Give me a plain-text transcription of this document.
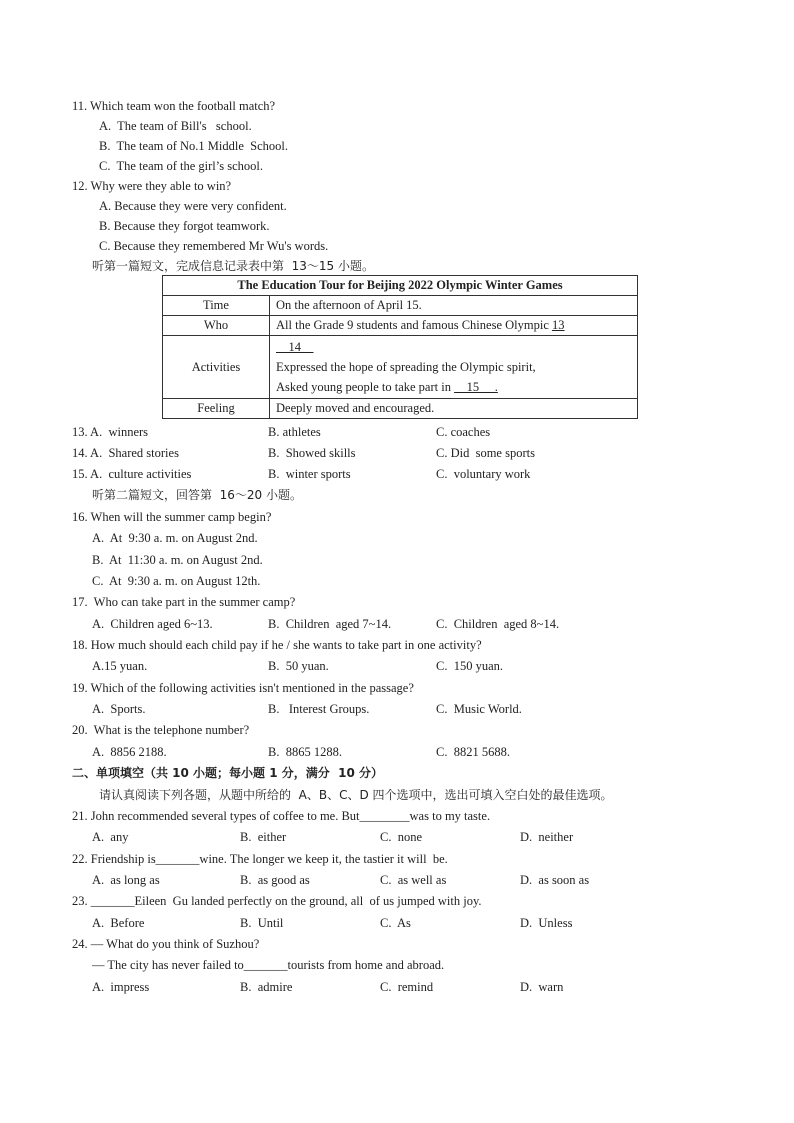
11. Which team won the football match?
A.  The team of Bill's   school.
B.  The team of No.1 Middle  School.
C.  The team of the girl’s school.
12. Why were they able to win?
A. Because they were very confident.
B. Because they forgot teamwork.
C. Because they remembered Mr Wu's words.
听第一篇短文，完成信息记录表中第  13～15 小题。
The Education Tour for Beijing 2022 Olympic Winter Games	
Time	On the afternoon of April 15.
Who	All the Grade 9 students and famous Chinese Olympic 13
Activities	14
Expressed the hope of spreading the Olympic spirit,
Asked young people to take part in     15     .

Feeling	Deeply moved and encouraged.
13. A.  winners	B. athletes	C. coaches
14. A.  Shared stories	B.  Showed skills	C. Did  some sports
15. A.  culture activities	B.  winter sports	C.  voluntary work
听第二篇短文，回答第  16～20 小题。
16. When will the summer camp begin?
A.  At  9:30 a. m. on August 2nd.
B.  At  11:30 a. m. on August 2nd.
C.  At  9:30 a. m. on August 12th.
17.  Who can take part in the summer camp?
A.  Children aged 6~13.	B.  Children  aged 7~14.	C.  Children  aged 8~14.
18. How much should each child pay if he / she wants to take part in one activity?
A.15 yuan.	B.  50 yuan.	C.  150 yuan.
19. Which of the following activities isn't mentioned in the passage?
A.  Sports.	B.   Interest Groups.	C.  Music World.
20.  What is the telephone number?
A.  8856 2188.	B.  8865 1288.	C.  8821 5688.
二、单项填空（共 10 小题；每小题 1 分，满分  10 分）
请认真阅读下列各题，从题中所给的  A、B、C、D 四个选项中，选出可填入空白处的最佳选项。
21. John recommended several types of coffee to me. But________was to my taste.
A.  any	B.  either	C.  none	D.  neither
22. Friendship is_______wine. The longer we keep it, the tastier it will  be.
A.  as long as	B.  as good as	C.  as well as	D.  as soon as
23. _______Eileen  Gu landed perfectly on the ground, all  of us jumped with joy.
A.  Before	B.  Until	C.  As	D.  Unless
24. — What do you think of Suzhou?
— The city has never failed to_______tourists from home and abroad.
A.  impress	B.  admire	C.  remind	D.  warn
